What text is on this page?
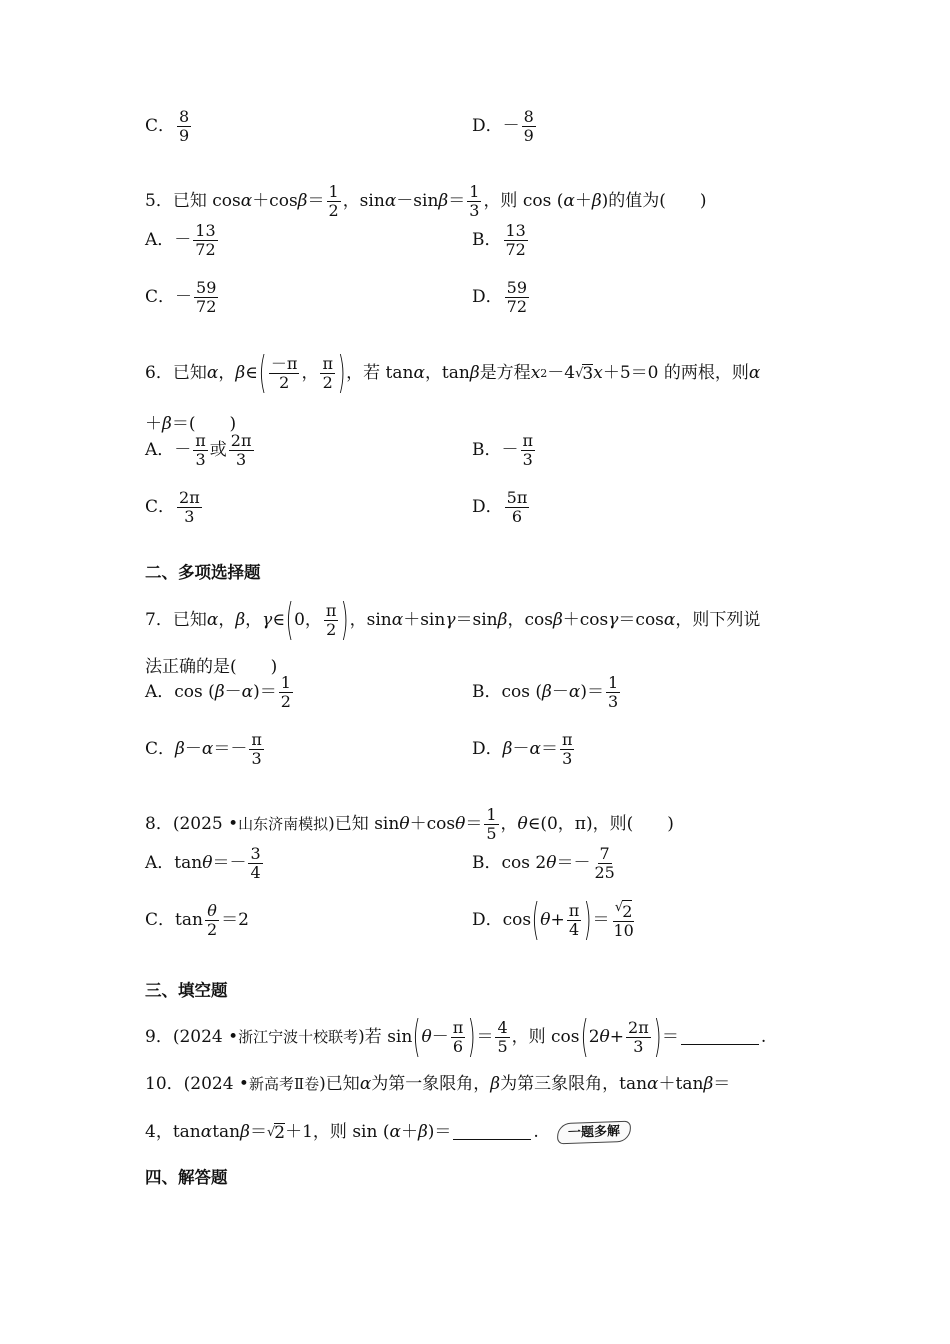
C． $\frac{8}{9}$	D． － $\frac{8}{9}$
5．已知 cos α ＋cos $\beta = \frac{1}{2}$ ，sin α －sin $\beta = \frac{1}{3}$ ，则 cos ( α ＋ β )的值为(　　)
A． － $\frac{13}{72}$	B． $\frac{13}{72}$
C． － $\frac{59}{72}$	D． $\frac{59}{72}$
6．已知 α ， β ∈ ( $\frac{-\pi}{2}$ ， $\frac{\pi}{2}$ ) ，若 tan α ，tan β 是方程 x 2 －4 √ 3 x ＋5＝0 的两根，则 α
＋ β ＝(　　)
A． － $\frac{\pi}{3}$ 或 $\frac{2\pi}{3}$	B． － $\frac{\pi}{3}$
C． $\frac{2\pi}{3}$	D． $\frac{5\pi}{6}$
二、多项选择题
7．已知 α ， β ， γ ∈ ( 0 ， $\frac{\pi}{2}$ ) ，sin α ＋sin γ ＝sin β ，cos β ＋cos γ ＝cos α ，则下列说
法正确的是(　　)
A． cos ( β － α )＝ $\frac{1}{2}$	B． cos ( β － α )＝ $\frac{1}{3}$
C． $\beta - \alpha =- \frac{\pi}{3}$	D． $\beta - \alpha = \frac{\pi}{3}$
8．(2025 • 山东济南模拟 )已知 sin θ ＋cos $\theta = \frac{1}{5}$ ， θ ∈(0，π)，则(　　)
A． $\tan \theta =- \frac{3}{4}$	B． cos 2 $\theta =- \frac{7}{25}$
C． $\tan \frac{\theta}{2} =2$	D． cos ( $\theta + \frac{\pi}{4}$ ) ＝ $\frac{^√2}{10}$
三、填空题
9．(2024 • 浙江宁波十校联考 )若 sin ( $\theta - \frac{\pi}{6}$ ) ＝ $\frac{4}{5}$ ，则 cos ( 2 $\theta + \frac{2\pi}{3}$ ) ＝	.
10．(2024 • 新高考Ⅱ卷 )已知 α 为第一象限角， β 为第三象限角，tan α ＋tan β ＝
4，tan α tan β ＝ √ 2 ＋1，则 sin ( α ＋ β )＝	.	一题多解
四、解答题
